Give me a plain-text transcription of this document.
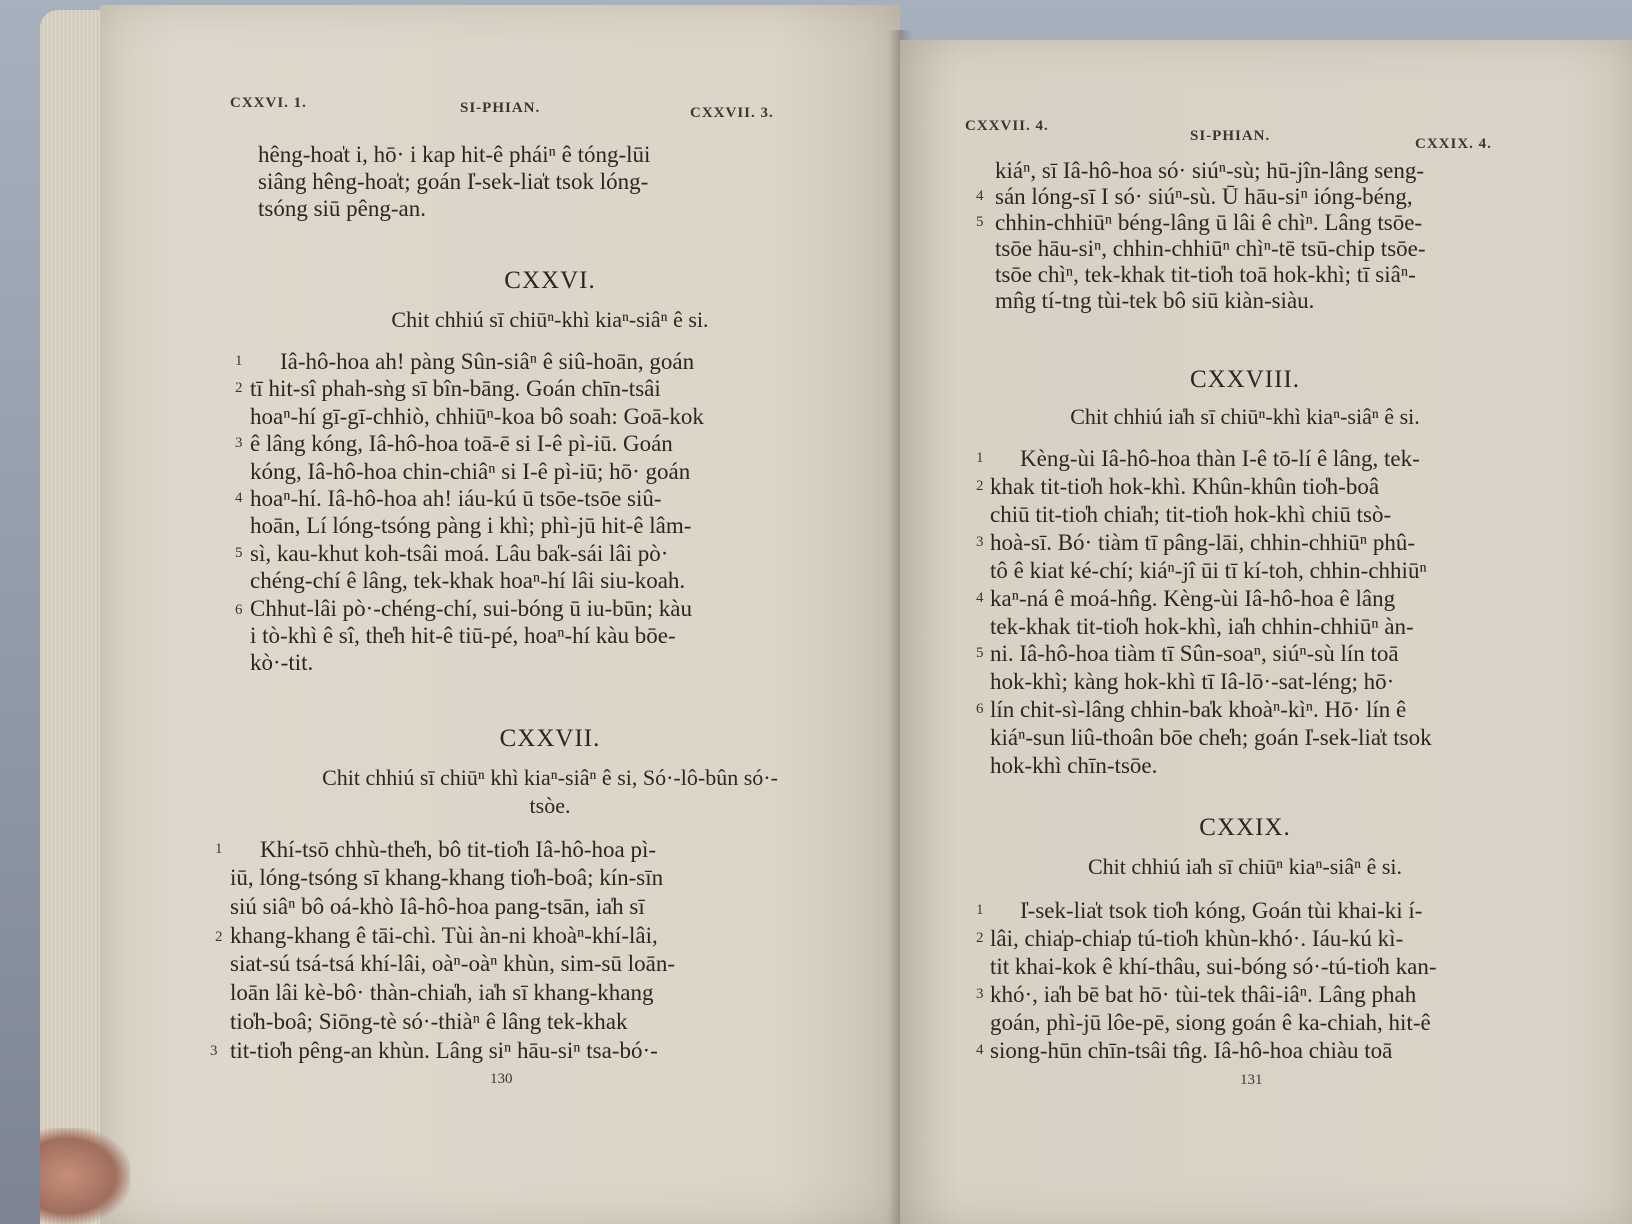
CXXVI. 1.	SI-PHIAN.	CXXVII. 3.
hêng-hoa̍t i, hō· i kap hit-ê pháiⁿ ê tóng-lūi
siâng hêng-hoa̍t; goán I̍-sek-lia̍t tsok lóng-
tsóng siū pêng-an.
CXXVI.
Chit chhiú sī chiūⁿ-khì kiaⁿ-siâⁿ ê si.
1
2
3
4
5
6
Iâ-hô-hoa ah! pàng Sûn-siâⁿ ê siû-hoān, goán
tī hit-sî phah-sǹg sī bîn-bāng. Goán chīn-tsâi
hoaⁿ-hí gī-gī-chhiò, chhiūⁿ-koa bô soah: Goā-kok
ê lâng kóng, Iâ-hô-hoa toā-ē si I-ê pì-iū. Goán
kóng, Iâ-hô-hoa chin-chiâⁿ si I-ê pì-iū; hō· goán
hoaⁿ-hí. Iâ-hô-hoa ah! iáu-kú ū tsōe-tsōe siû-
hoān, Lí lóng-tsóng pàng i khì; phì-jū hit-ê lâm-
sì, kau-khut koh-tsâi moá. Lâu ba̍k-sái lâi pò·
chéng-chí ê lâng, tek-khak hoaⁿ-hí lâi siu-koah.
Chhut-lâi pò·-chéng-chí, sui-bóng ū iu-būn; kàu
i tò-khì ê sî, the̍h hit-ê tiū-pé, hoaⁿ-hí kàu bōe-
kò·-tit.
CXXVII.
Chit chhiú sī chiūⁿ khì kiaⁿ-siâⁿ ê si, Só·-lô-bûn só·-
tsòe.
1
2
3
Khí-tsō chhù-the̍h, bô tit-tio̍h Iâ-hô-hoa pì-
iū, lóng-tsóng sī khang-khang tio̍h-boâ; kín-sīn
siú siâⁿ bô oá-khò Iâ-hô-hoa pang-tsān, ia̍h sī
khang-khang ê tāi-chì. Tùi àn-ni khoàⁿ-khí-lâi,
siat-sú tsá-tsá khí-lâi, oàⁿ-oàⁿ khùn, sim-sū loān-
loān lâi kè-bô· thàn-chia̍h, ia̍h sī khang-khang
tio̍h-boâ; Siōng-tè só·-thiàⁿ ê lâng tek-khak
tit-tio̍h pêng-an khùn. Lâng siⁿ hāu-siⁿ tsa-bó·-
130
CXXVII. 4.
SI-PHIAN.	CXXIX. 4.
4
5
kiáⁿ, sī Iâ-hô-hoa só· siúⁿ-sù; hū-jîn-lâng seng-
sán lóng-sī I só· siúⁿ-sù. Ū hāu-siⁿ ióng-béng,
chhin-chhiūⁿ béng-lâng ū lâi ê chìⁿ. Lâng tsōe-
tsōe hāu-siⁿ, chhin-chhiūⁿ chìⁿ-tē tsū-chip tsōe-
tsōe chìⁿ, tek-khak tit-tio̍h toā hok-khì; tī siâⁿ-
mn̂g tí-tng tùi-tek bô siū kiàn-siàu.
CXXVIII.
Chit chhiú ia̍h sī chiūⁿ-khì kiaⁿ-siâⁿ ê si.
1
2
3
4
5
6
Kèng-ùi Iâ-hô-hoa thàn I-ê tō-lí ê lâng, tek-
khak tit-tio̍h hok-khì. Khûn-khûn tio̍h-boâ
chiū tit-tio̍h chia̍h; tit-tio̍h hok-khì chiū tsò-
hoà-sī. Bó· tiàm tī pâng-lāi, chhin-chhiūⁿ phû-
tô ê kiat ké-chí; kiáⁿ-jî ūi tī kí-toh, chhin-chhiūⁿ
kaⁿ-ná ê moá-hn̂g. Kèng-ùi Iâ-hô-hoa ê lâng
tek-khak tit-tio̍h hok-khì, ia̍h chhin-chhiūⁿ àn-
ni. Iâ-hô-hoa tiàm tī Sûn-soaⁿ, siúⁿ-sù lín toā
hok-khì; kàng hok-khì tī Iâ-lō·-sat-léng; hō·
lín chit-sì-lâng chhin-ba̍k khoàⁿ-kìⁿ. Hō· lín ê
kiáⁿ-sun liû-thoân bōe che̍h; goán I̍-sek-lia̍t tsok
hok-khì chīn-tsōe.
CXXIX.
Chit chhiú ia̍h sī chiūⁿ kiaⁿ-siâⁿ ê si.
1
2
3
4
I̍-sek-lia̍t tsok tio̍h kóng, Goán tùi khai-ki í-
lâi, chia̍p-chia̍p tú-tio̍h khùn-khó·. Iáu-kú kì-
tit khai-kok ê khí-thâu, sui-bóng só·-tú-tio̍h kan-
khó·, ia̍h bē bat hō· tùi-tek thâi-iâⁿ. Lâng phah
goán, phì-jū lôe-pē, siong goán ê ka-chiah, hit-ê
siong-hūn chīn-tsâi tn̂g. Iâ-hô-hoa chiàu toā
131
